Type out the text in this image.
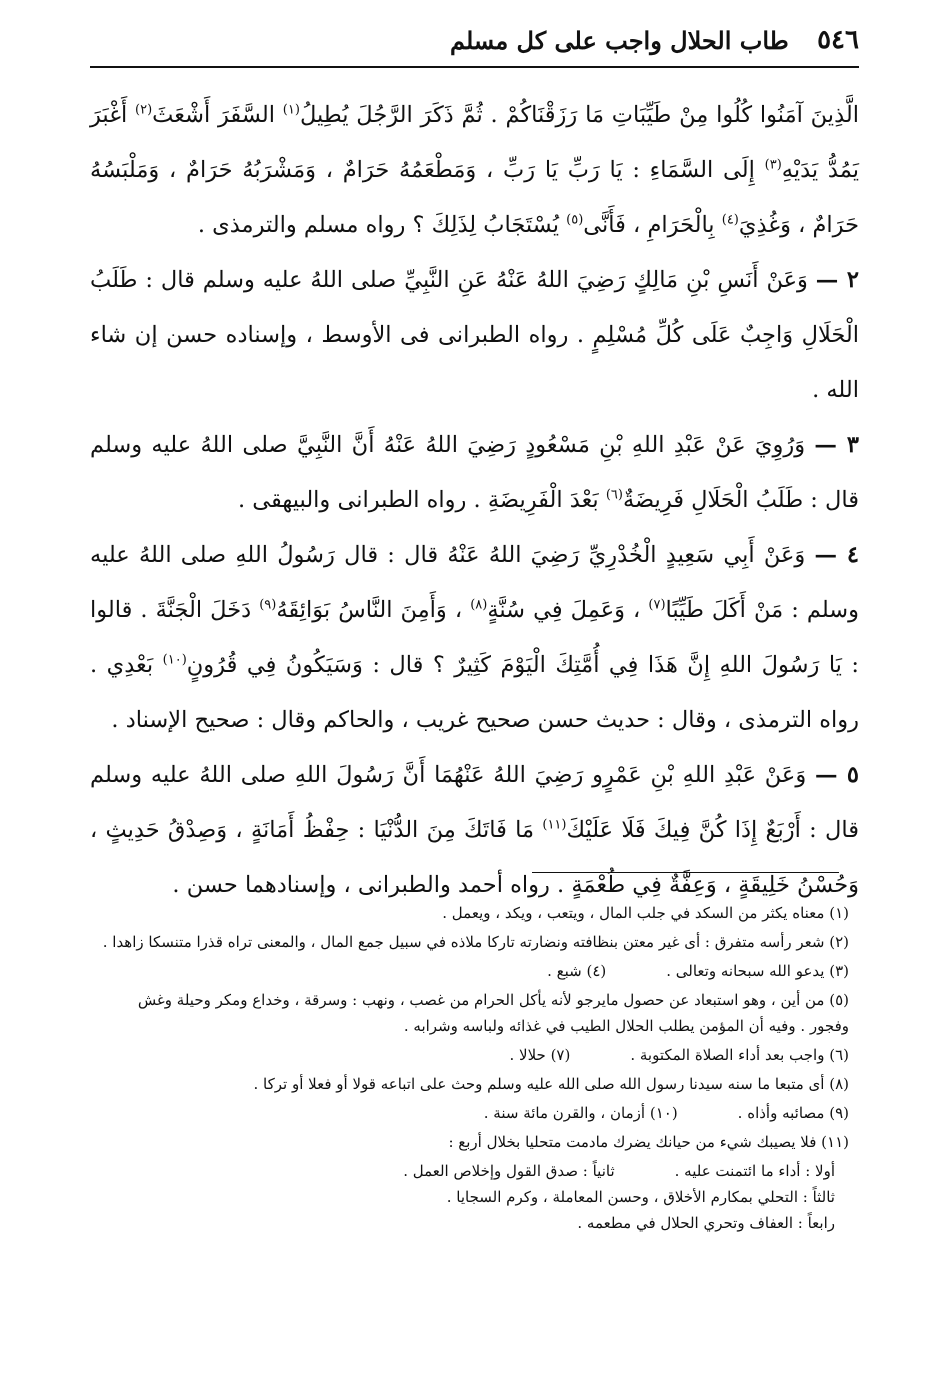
٥٤٦
طاب الحلال واجب على كل مسلم

الَّذِينَ آمَنُوا كُلُوا مِنْ طَيِّبَاتِ مَا رَزَقْنَاكُمْ . ثُمَّ ذَكَرَ الرَّجُلَ يُطِيلُ$^{(١)}$ السَّفَرَ أَشْعَثَ$^{(٢)}$ أَغْبَرَ يَمُدُّ يَدَيْهِ$^{(٣)}$ إِلَى السَّمَاءِ : يَا رَبِّ يَا رَبِّ ، وَمَطْعَمُهُ حَرَامٌ ، وَمَشْرَبُهُ حَرَامٌ ، وَمَلْبَسُهُ حَرَامٌ ، وَغُذِيَ$^{(٤)}$ بِالْحَرَامِ ، فَأَنَّى$^{(٥)}$ يُسْتَجَابُ لِذَلِكَ ؟ رواه مسلم والترمذى .

٢ — وَعَنْ أَنَسِ بْنِ مَالِكٍ رَضِيَ اللهُ عَنْهُ عَنِ النَّبِيِّ صلى اللهُ عليه وسلم قال : طَلَبُ الْحَلَالِ وَاجِبٌ عَلَى كُلِّ مُسْلِمٍ . رواه الطبرانى فى الأوسط ، وإسناده حسن إن شاء الله .

٣ — وَرُوِيَ عَنْ عَبْدِ اللهِ بْنِ مَسْعُودٍ رَضِيَ اللهُ عَنْهُ أَنَّ النَّبِيَّ صلى اللهُ عليه وسلم قال : طَلَبُ الْحَلَالِ فَرِيضَةٌ$^{(٦)}$ بَعْدَ الْفَرِيضَةِ . رواه الطبرانى والبيهقى .

٤ — وَعَنْ أَبِي سَعِيدٍ الْخُدْرِيِّ رَضِيَ اللهُ عَنْهُ قال : قال رَسُولُ اللهِ صلى اللهُ عليه وسلم : مَنْ أَكَلَ طَيِّبًا$^{(٧)}$ ، وَعَمِلَ فِي سُنَّةٍ$^{(٨)}$ ، وَأَمِنَ النَّاسُ بَوَائِقَهُ$^{(٩)}$ دَخَلَ الْجَنَّةَ . قالوا : يَا رَسُولَ اللهِ إِنَّ هَذَا فِي أُمَّتِكَ الْيَوْمَ كَثِيرٌ ؟ قال : وَسَيَكُونُ فِي قُرُونٍ$^{(١٠)}$ بَعْدِي . رواه الترمذى ، وقال : حديث حسن صحيح غريب ، والحاكم وقال : صحيح الإسناد .

٥ — وَعَنْ عَبْدِ اللهِ بْنِ عَمْرٍو رَضِيَ اللهُ عَنْهُمَا أَنَّ رَسُولَ اللهِ صلى اللهُ عليه وسلم قال : أَرْبَعٌ إِذَا كُنَّ فِيكَ فَلَا عَلَيْكَ$^{(١١)}$ مَا فَاتَكَ مِنَ الدُّنْيَا : حِفْظُ أَمَانَةٍ ، وَصِدْقُ حَدِيثٍ ، وَحُسْنُ خَلِيقَةٍ ، وَعِفَّةٌ فِي طُعْمَةٍ . رواه أحمد والطبرانى ، وإسنادهما حسن .

(١) معناه يكثر من السكد في جلب المال ، ويتعب ، ويكد ، ويعمل .

(٢) شعر رأسه متفرق : أى غير معتن بنظافته ونضارته تاركا ملاذه في سبيل جمع المال ، والمعنى تراه قذرا متنسكا زاهدا .

(٣) يدعو الله سبحانه وتعالى .
(٤) شبع .

(٥) من أين ، وهو استبعاد عن حصول مايرجو لأنه يأكل الحرام من غصب ، ونهب : وسرقة ، وخداع ومكر وحيلة وغش وفجور . وفيه أن المؤمن يطلب الحلال الطيب في غذائه ولباسه وشرابه .

(٦) واجب بعد أداء الصلاة المكتوبة .
(٧) حلالا .

(٨) أى متبعا ما سنه سيدنا رسول الله صلى الله عليه وسلم وحث على اتباعه قولا أو فعلا أو تركا .

(٩) مصائبه وأذاه .
(١٠) أزمان ، والقرن مائة سنة .

(١١) فلا يصيبك شيء من حيانك يضرك مادمت متحليا بخلال أربع :

أولا : أداء ما ائتمنت عليه .
ثانياً : صدق القول وإخلاص العمل .

ثالثاً : التحلي بمكارم الأخلاق ، وحسن المعاملة ، وكرم السجايا .

رابعاً : العفاف وتحري الحلال في مطعمه .
